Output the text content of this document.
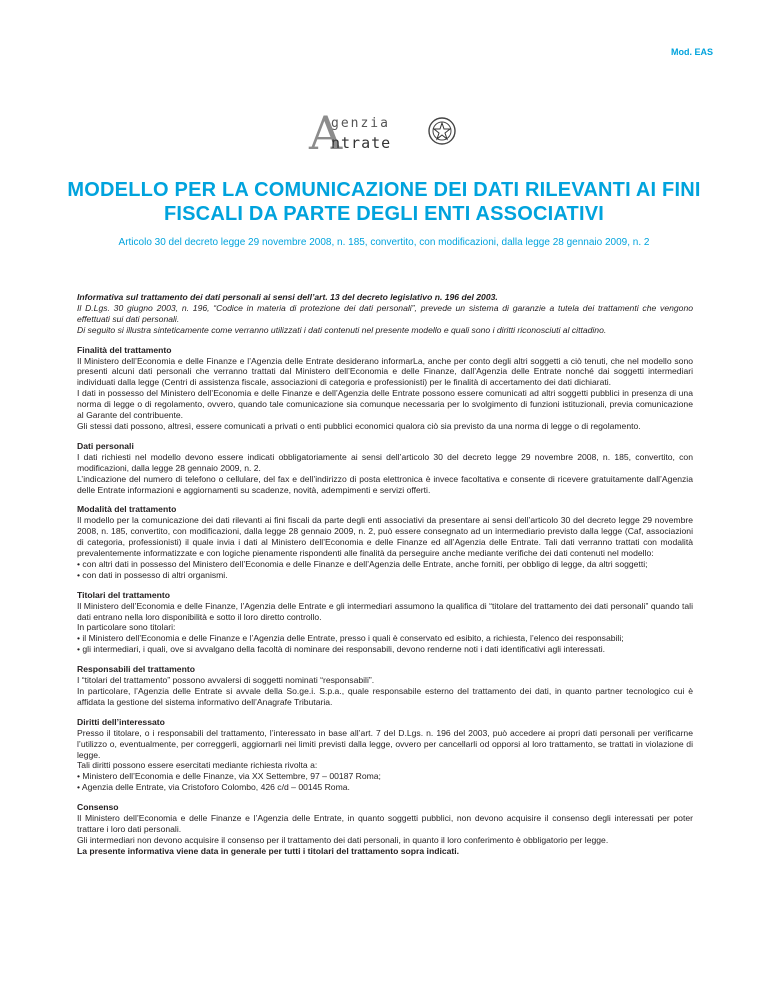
Mod. EAS
A
genzia
ntrate
MODELLO PER LA COMUNICAZIONE DEI DATI RILEVANTI AI FINI FISCALI DA PARTE DEGLI ENTI ASSOCIATIVI
Articolo 30 del decreto legge 29 novembre 2008, n. 185, convertito, con modificazioni, dalla legge 28 gennaio 2009, n. 2

Informativa sul trattamento dei dati personali ai sensi dell’art. 13 del decreto legislativo n. 196 del 2003.

Il D.Lgs. 30 giugno 2003, n. 196, “Codice in materia di protezione dei dati personali”, prevede un sistema di garanzie a tutela dei trattamenti che vengono effettuati sui dati personali.

Di seguito si illustra sinteticamente come verranno utilizzati i dati contenuti nel presente modello e quali sono i diritti riconosciuti al cittadino.

Finalità del trattamento

Il Ministero dell’Economia e delle Finanze e l’Agenzia delle Entrate desiderano informarLa, anche per conto degli altri soggetti a ciò tenuti, che nel modello sono presenti alcuni dati personali che verranno trattati dal Ministero dell’Economia e delle Finanze, dall’Agenzia delle Entrate nonché dai soggetti intermediari individuati dalla legge (Centri di assistenza fiscale, associazioni di categoria e professionisti) per le finalità di accertamento dei dati dichiarati.

I dati in possesso del Ministero dell’Economia e delle Finanze e dell’Agenzia delle Entrate possono essere comunicati ad altri soggetti pubblici in presenza di una norma di legge o di regolamento, ovvero, quando tale comunicazione sia comunque necessaria per lo svolgimento di funzioni istituzionali, previa comunicazione al Garante del contribuente.

Gli stessi dati possono, altresì, essere comunicati a privati o enti pubblici economici qualora ciò sia previsto da una norma di legge o di regolamento.

Dati personali

I dati richiesti nel modello devono essere indicati obbligatoriamente ai sensi dell’articolo 30 del decreto legge 29 novembre 2008, n. 185, convertito, con modificazioni, dalla legge 28 gennaio 2009, n. 2.

L’indicazione del numero di telefono o cellulare, del fax e dell’indirizzo di posta elettronica è invece facoltativa e consente di ricevere gratuitamente dall’Agenzia delle Entrate informazioni e aggiornamenti su scadenze, novità, adempimenti e servizi offerti.

Modalità del trattamento

Il modello per la comunicazione dei dati rilevanti ai fini fiscali da parte degli enti associativi da presentare ai sensi dell’articolo 30 del decreto legge 29 novembre 2008, n. 185, convertito, con modificazioni, dalla legge 28 gennaio 2009, n. 2, può essere consegnato ad un intermediario previsto dalla legge (Caf, associazioni di categoria, professionisti) il quale invia i dati al Ministero dell’Economia e delle Finanze ed all’Agenzia delle Entrate. Tali dati verranno trattati con modalità prevalentemente informatizzate e con logiche pienamente rispondenti alle finalità da perseguire anche mediante verifiche dei dati contenuti nel modello:

• con altri dati in possesso del Ministero dell’Economia e delle Finanze e dell’Agenzia delle Entrate, anche forniti, per obbligo di legge, da altri soggetti;

• con dati in possesso di altri organismi.

Titolari del trattamento

Il Ministero dell’Economia e delle Finanze, l’Agenzia delle Entrate e gli intermediari assumono la qualifica di “titolare del trattamento dei dati personali” quando tali dati entrano nella loro disponibilità e sotto il loro diretto controllo.

In particolare sono titolari:

• il Ministero dell’Economia e delle Finanze e l’Agenzia delle Entrate, presso i quali è conservato ed esibito, a richiesta, l’elenco dei responsabili;

• gli intermediari, i quali, ove si avvalgano della facoltà di nominare dei responsabili, devono renderne noti i dati identificativi agli interessati.

Responsabili del trattamento

I “titolari del trattamento” possono avvalersi di soggetti nominati “responsabili”.

In particolare, l’Agenzia delle Entrate si avvale della So.ge.i. S.p.a., quale responsabile esterno del trattamento dei dati, in quanto partner tecnologico cui è affidata la gestione del sistema informativo dell’Anagrafe Tributaria.

Diritti dell’interessato

Presso il titolare, o i responsabili del trattamento, l’interessato in base all’art. 7 del D.Lgs. n. 196 del 2003, può accedere ai propri dati personali per verificarne l’utilizzo o, eventualmente, per correggerli, aggiornarli nei limiti previsti dalla legge, ovvero per cancellarli od opporsi al loro trattamento, se trattati in violazione di legge.

Tali diritti possono essere esercitati mediante richiesta rivolta a:

• Ministero dell’Economia e delle Finanze, via XX Settembre, 97 – 00187 Roma;

• Agenzia delle Entrate, via Cristoforo Colombo, 426 c/d – 00145 Roma.

Consenso

Il Ministero dell’Economia e delle Finanze e l’Agenzia delle Entrate, in quanto soggetti pubblici, non devono acquisire il consenso degli interessati per poter trattare i loro dati personali.

Gli intermediari non devono acquisire il consenso per il trattamento dei dati personali, in quanto il loro conferimento è obbligatorio per legge.

La presente informativa viene data in generale per tutti i titolari del trattamento sopra indicati.
